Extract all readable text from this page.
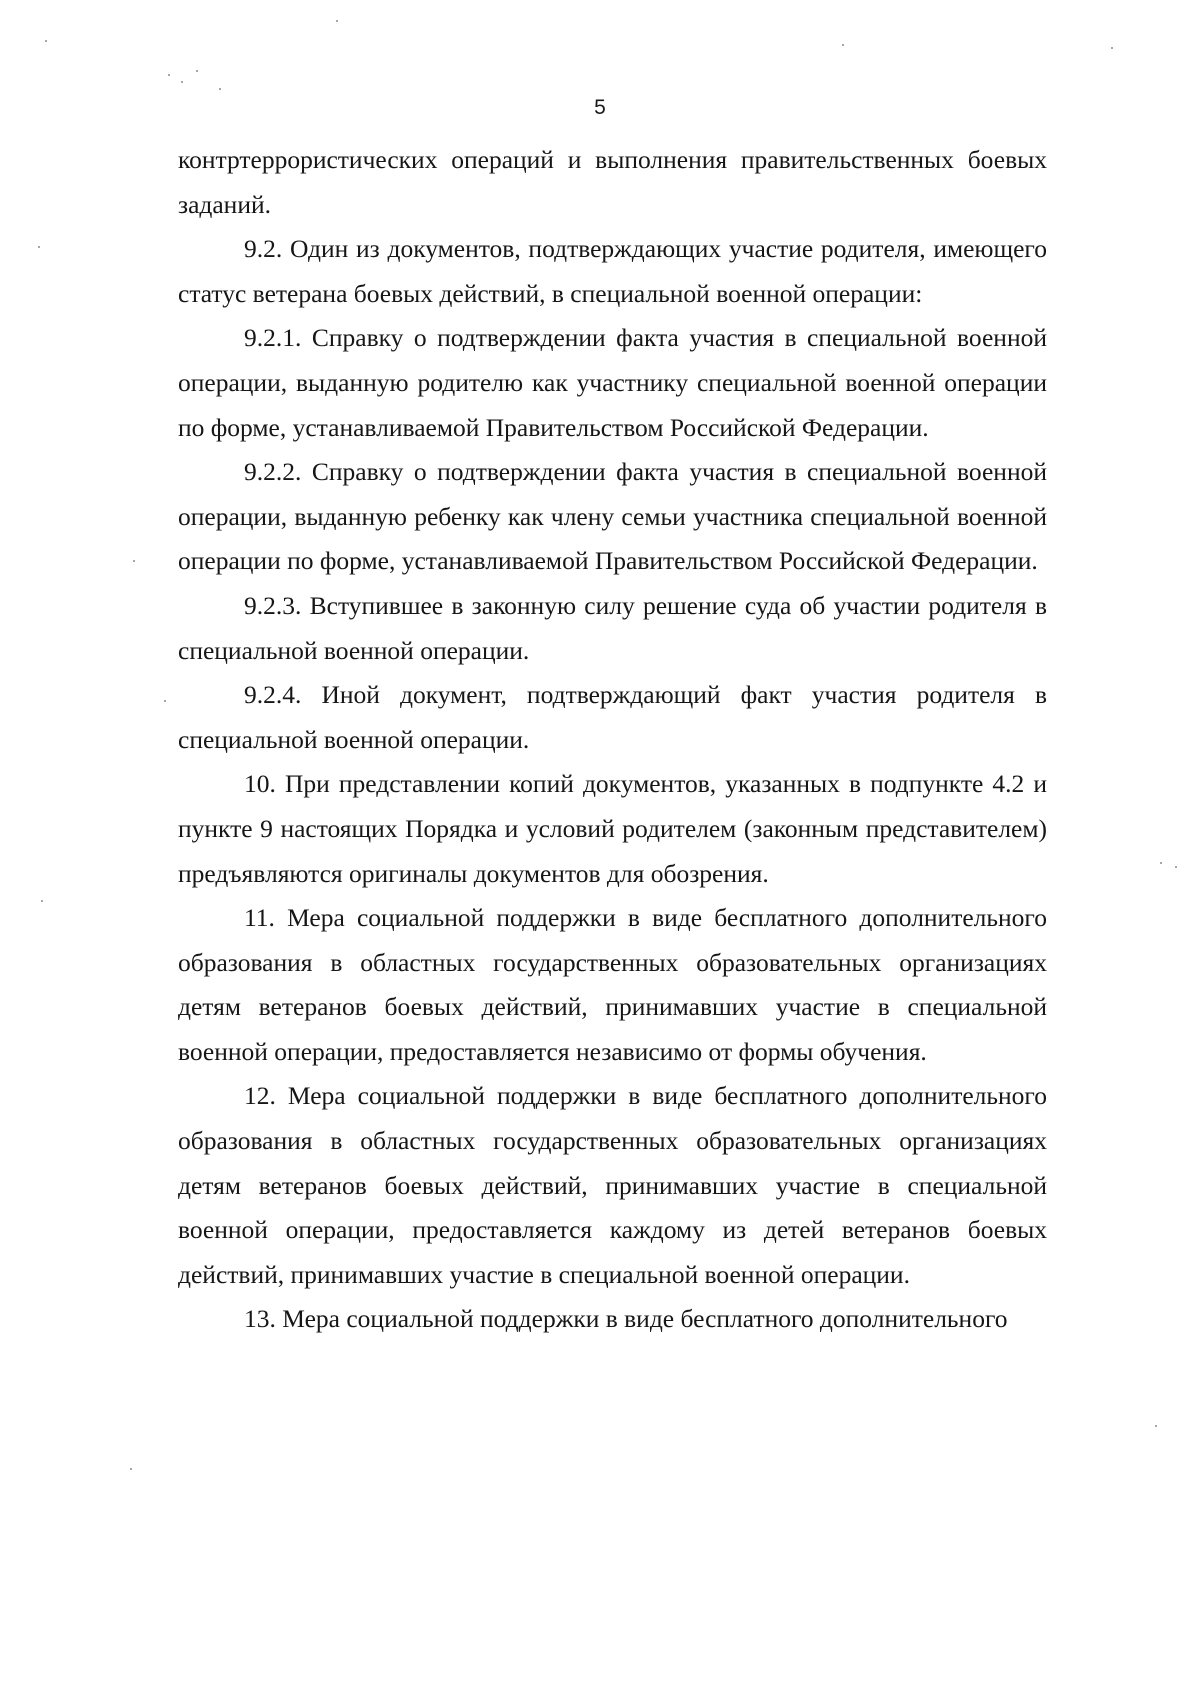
5

контртеррористических операций и выполнения правительственных боевых заданий.

9.2. Один из документов, подтверждающих участие родителя, имеющего статус ветерана боевых действий, в специальной военной операции:

9.2.1. Справку о подтверждении факта участия в специальной военной операции, выданную родителю как участнику специальной военной операции по форме, устанавливаемой Правительством Российской Федерации.

9.2.2. Справку о подтверждении факта участия в специальной военной операции, выданную ребенку как члену семьи участника специальной военной операции по форме, устанавливаемой Правительством Российской Федерации.

9.2.3. Вступившее в законную силу решение суда об участии родителя в специальной военной операции.

9.2.4. Иной документ, подтверждающий факт участия родителя в специальной военной операции.

10. При представлении копий документов, указанных в подпункте 4.2 и пункте 9 настоящих Порядка и условий родителем (законным представителем) предъявляются оригиналы документов для обозрения.

11. Мера социальной поддержки в виде бесплатного дополнительного образования в областных государственных образовательных организациях детям ветеранов боевых действий, принимавших участие в специальной военной операции, предоставляется независимо от формы обучения.

12. Мера социальной поддержки в виде бесплатного дополнительного образования в областных государственных образовательных организациях детям ветеранов боевых действий, принимавших участие в специальной военной операции, предоставляется каждому из детей ветеранов боевых действий, принимавших участие в специальной военной операции.

13. Мера социальной поддержки в виде бесплатного дополнительного
